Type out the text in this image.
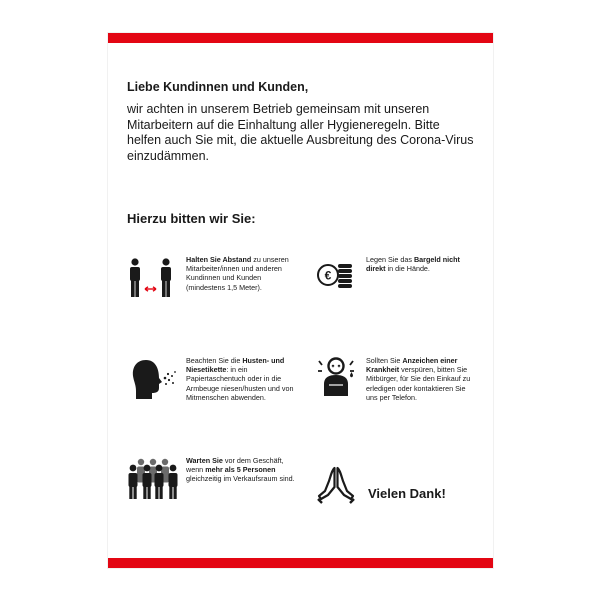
Liebe Kundinnen und Kunden,
wir achten in unserem Betrieb gemeinsam mit unseren Mitarbeitern auf die Einhaltung aller Hygieneregeln. Bitte helfen auch Sie mit, die aktuelle Ausbreitung des Corona-Virus einzudämmen.
Hierzu bitten wir Sie:
Halten Sie Abstand zu unseren Mitarbeiter/innen und anderen Kundinnen und Kunden (mindestens 1,5 Meter).
€
Legen Sie das Bargeld nicht direkt in die Hände.
Beachten Sie die Husten- und Niesetikette: in ein Papiertaschentuch oder in die Armbeuge niesen/husten und von Mitmenschen abwenden.
Sollten Sie Anzeichen einer Krankheit verspüren, bitten Sie Mitbürger, für Sie den Einkauf zu erledigen oder kontaktieren Sie uns per Telefon.
Warten Sie vor dem Geschäft, wenn mehr als 5 Personen gleichzeitig im Verkaufsraum sind.
Vielen Dank!
